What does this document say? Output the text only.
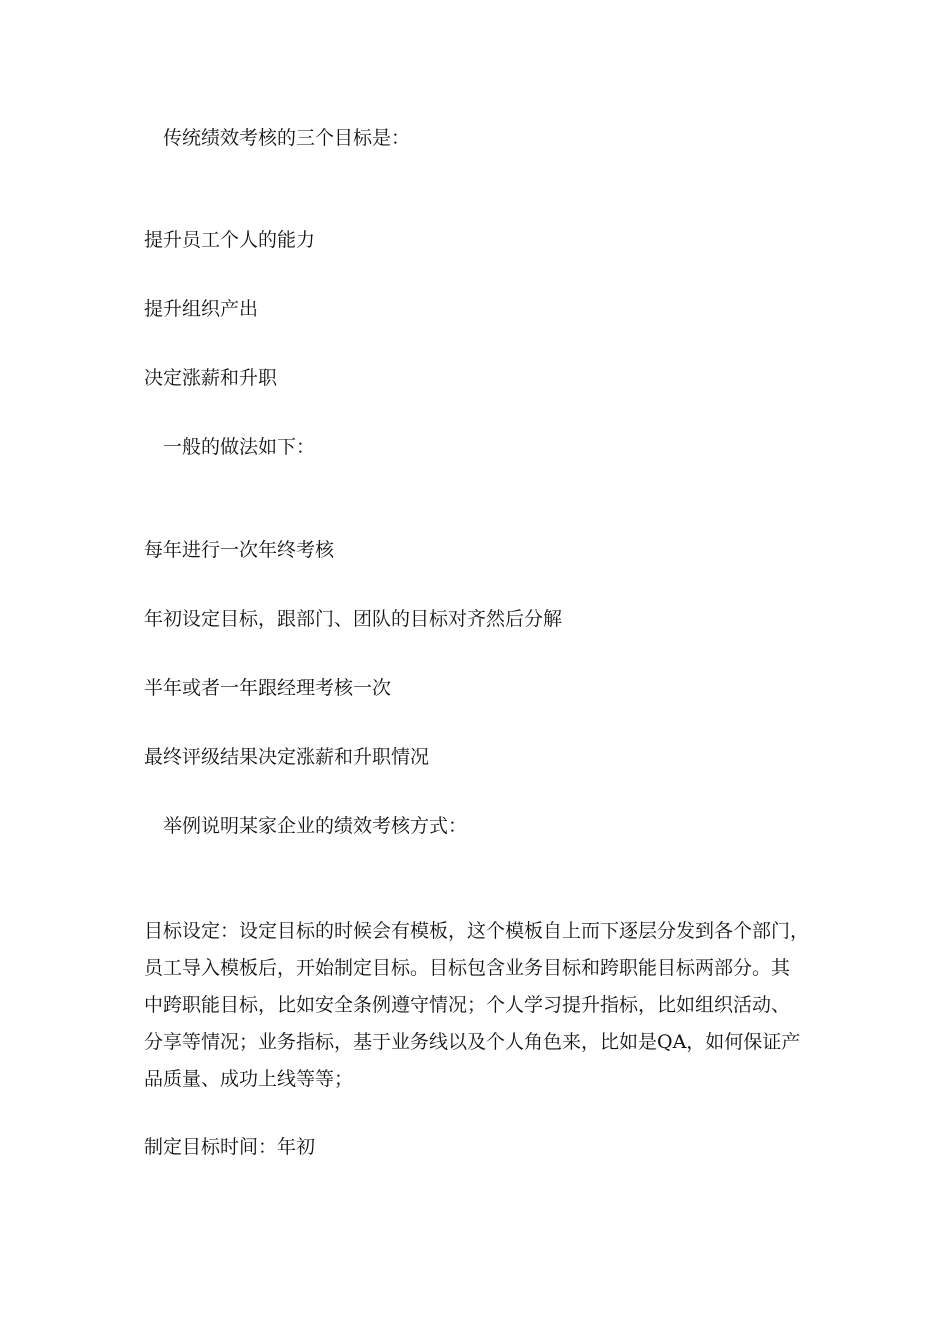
传统绩效考核的三个目标是：
提升员工个人的能力
提升组织产出
决定涨薪和升职
一般的做法如下：
每年进行一次年终考核
年初设定目标，跟部门、团队的目标对齐然后分解
半年或者一年跟经理考核一次
最终评级结果决定涨薪和升职情况
举例说明某家企业的绩效考核方式：
目标设定：设定目标的时候会有模板，这个模板自上而下逐层分发到各个部门，
员工导入模板后，开始制定目标。目标包含业务目标和跨职能目标两部分。其
中跨职能目标，比如安全条例遵守情况；个人学习提升指标，比如组织活动、
分享等情况；业务指标，基于业务线以及个人角色来，比如是QA，如何保证产
品质量、成功上线等等；
制定目标时间：年初
